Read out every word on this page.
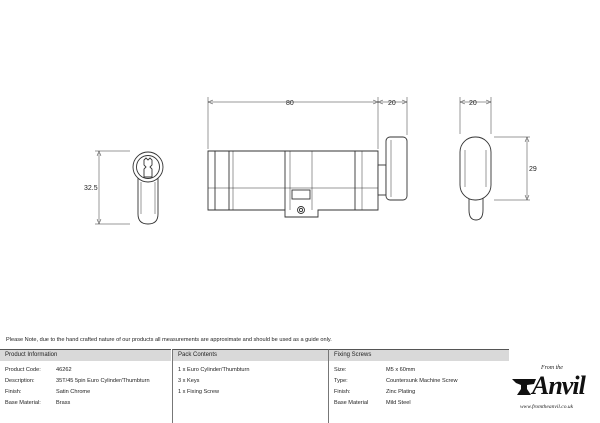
32.5
80	20	20
29
Please Note, due to the hand crafted nature of our products all measurements are approximate and should be used as a guide only.
Product Information
Product Code:	46262
Description:	35T/45 5pin Euro Cylinder/Thumbturn
Finish:	Satin Chrome
Base Material:	Brass
Pack Contents
1 x Euro Cylinder/Thumbturn
3 x Keys
1 x Fixing Screw
Fixing Screws
Size:	M5 x 60mm
Type:	Countersunk Machine Screw
Finish:	Zinc Plating
Base Material	Mild Steel
From the
Anvil
www.fromtheanvil.co.uk
